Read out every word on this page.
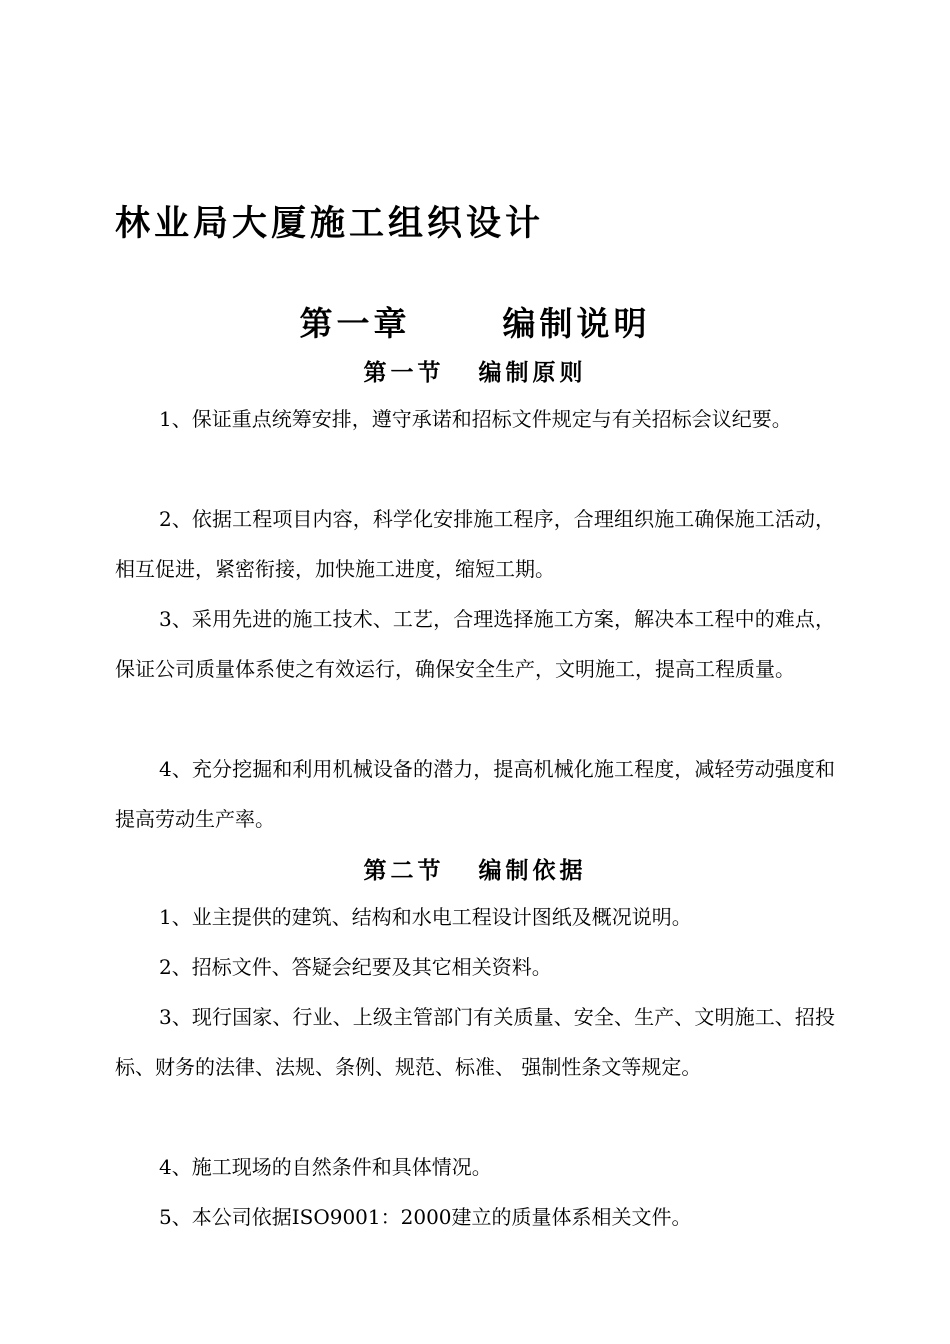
林业局大厦施工组织设计
第一章	编制说明
第一节 编制原则

1、保证重点统筹安排，遵守承诺和招标文件规定与有关招标会议纪要。

2、依据工程项目内容，科学化安排施工程序，合理组织施工确保施工活动，相互促进，紧密衔接，加快施工进度，缩短工期。

3、采用先进的施工技术、工艺，合理选择施工方案，解决本工程中的难点，保证公司质量体系使之有效运行，确保安全生产，文明施工，提高工程质量。

4、充分挖掘和利用机械设备的潜力，提高机械化施工程度，减轻劳动强度和提高劳动生产率。

第二节 编制依据

1、业主提供的建筑、结构和水电工程设计图纸及概况说明。

2、招标文件、答疑会纪要及其它相关资料。

3、现行国家、行业、上级主管部门有关质量、安全、生产、文明施工、招投标、财务的法律、法规、条例、规范、标准、 强制性条文等规定。

4、施工现场的自然条件和具体情况。

5、本公司依据ISO9001：2000建立的质量体系相关文件。
